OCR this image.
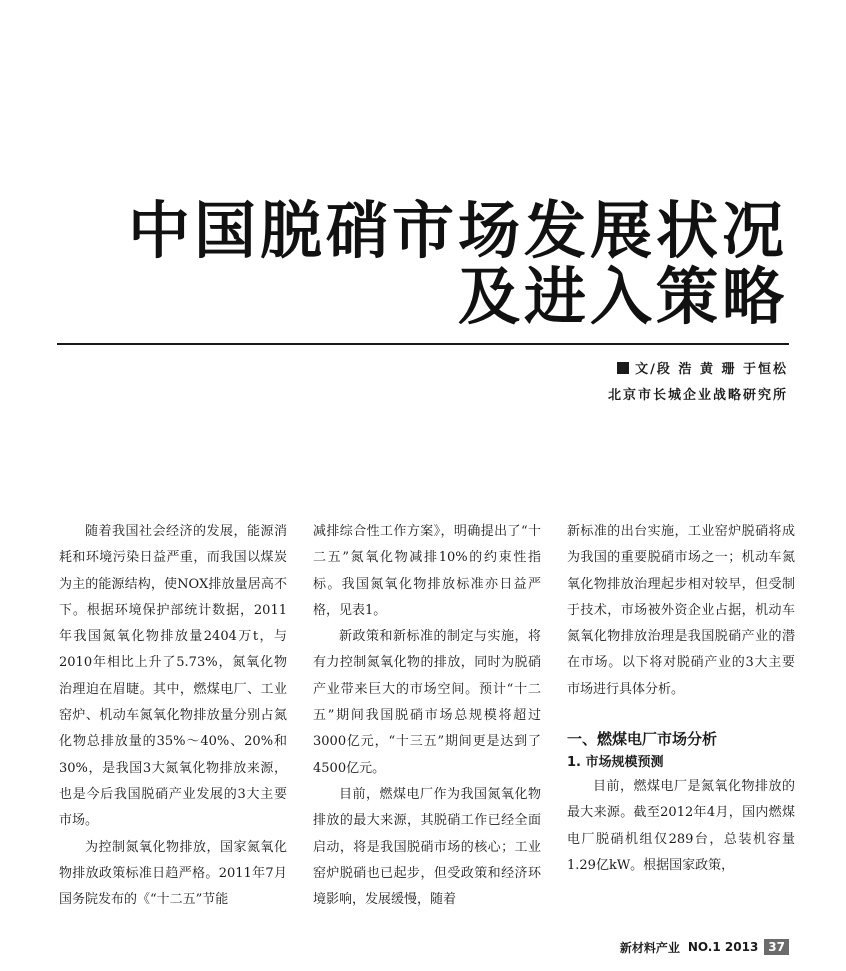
中国脱硝市场发展状况
及进入策略
文/段 浩 黄 珊 于恒松
北京市长城企业战略研究所

随着我国社会经济的发展，能源消耗和环境污染日益严重，而我国以煤炭为主的能源结构，使NOX排放量居高不下。根据环境保护部统计数据，2011年我国氮氧化物排放量2404万t，与2010年相比上升了5.73%，氮氧化物治理迫在眉睫。其中，燃煤电厂、工业窑炉、机动车氮氧化物排放量分别占氮化物总排放量的35%～40%、20%和30%，是我国3大氮氧化物排放来源，也是今后我国脱硝产业发展的3大主要市场。

为控制氮氧化物排放，国家氮氧化物排放政策标准日趋严格。2011年7月国务院发布的《“十二五”节能

减排综合性工作方案》，明确提出了“十二五”氮氧化物减排10%的约束性指标。我国氮氧化物排放标准亦日益严格，见表1。

新政策和新标准的制定与实施，将有力控制氮氧化物的排放，同时为脱硝产业带来巨大的市场空间。预计“十二五”期间我国脱硝市场总规模将超过3000亿元，“十三五”期间更是达到了4500亿元。

目前，燃煤电厂作为我国氮氧化物排放的最大来源，其脱硝工作已经全面启动，将是我国脱硝市场的核心；工业窑炉脱硝也已起步，但受政策和经济环境影响，发展缓慢，随着

新标准的出台实施，工业窑炉脱硝将成为我国的重要脱硝市场之一；机动车氮氧化物排放治理起步相对较早，但受制于技术，市场被外资企业占据，机动车氮氧化物排放治理是我国脱硝产业的潜在市场。以下将对脱硝产业的3大主要市场进行具体分析。

一、燃煤电厂市场分析
1. 市场规模预测

目前，燃煤电厂是氮氧化物排放的最大来源。截至2012年4月，国内燃煤电厂脱硝机组仅289台，总装机容量1.29亿kW。根据国家政策，

新材料产业 NO.1 2013 37
